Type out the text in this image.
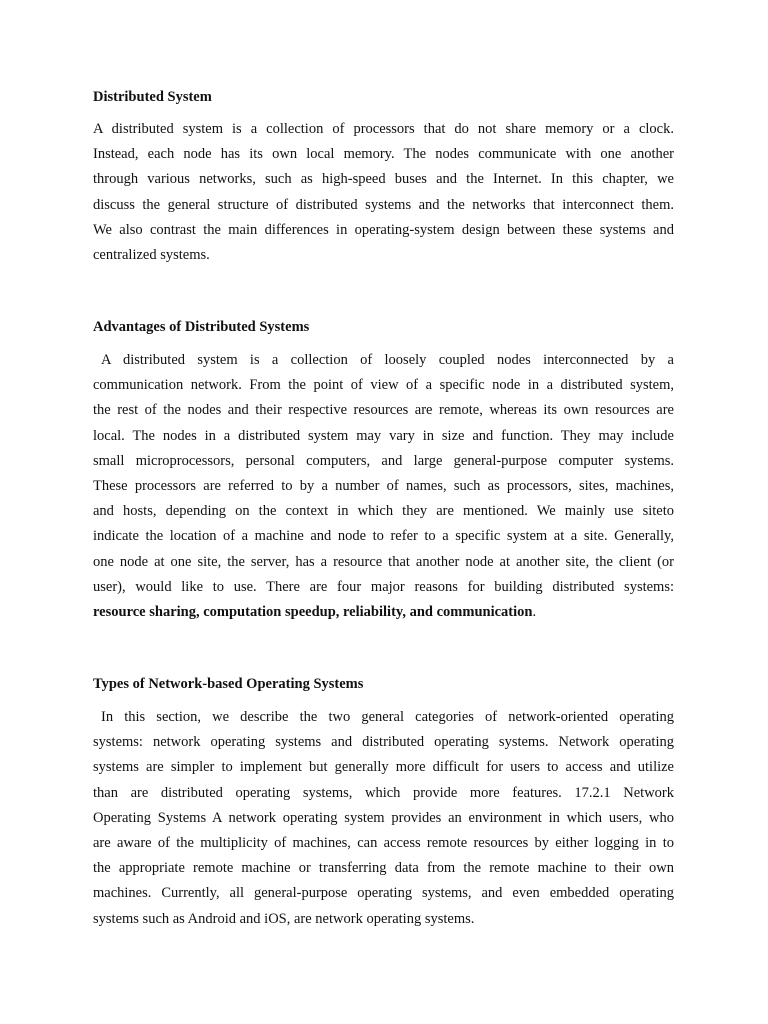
Distributed System
A distributed system is a collection of processors that do not share memory or a clock.
Instead, each node has its own local memory. The nodes communicate with one another
through various networks, such as high-speed buses and the Internet. In this chapter, we
discuss the general structure of distributed systems and the networks that interconnect them.
We also contrast the main differences in operating-system design between these systems and
centralized systems.
Advantages of Distributed Systems
A distributed system is a collection of loosely coupled nodes interconnected by a
communication network. From the point of view of a specific node in a distributed system,
the rest of the nodes and their respective resources are remote, whereas its own resources are
local. The nodes in a distributed system may vary in size and function. They may include
small microprocessors, personal computers, and large general-purpose computer systems.
These processors are referred to by a number of names, such as processors, sites, machines,
and hosts, depending on the context in which they are mentioned. We mainly use siteto
indicate the location of a machine and node to refer to a specific system at a site. Generally,
one node at one site, the server, has a resource that another node at another site, the client (or
user), would like to use. There are four major reasons for building distributed systems:
resource sharing, computation speedup, reliability, and communication.
Types of Network-based Operating Systems
In this section, we describe the two general categories of network-oriented operating
systems: network operating systems and distributed operating systems. Network operating
systems are simpler to implement but generally more difficult for users to access and utilize
than are distributed operating systems, which provide more features. 17.2.1 Network
Operating Systems A network operating system provides an environment in which users, who
are aware of the multiplicity of machines, can access remote resources by either logging in to
the appropriate remote machine or transferring data from the remote machine to their own
machines. Currently, all general-purpose operating systems, and even embedded operating
systems such as Android and iOS, are network operating systems.
